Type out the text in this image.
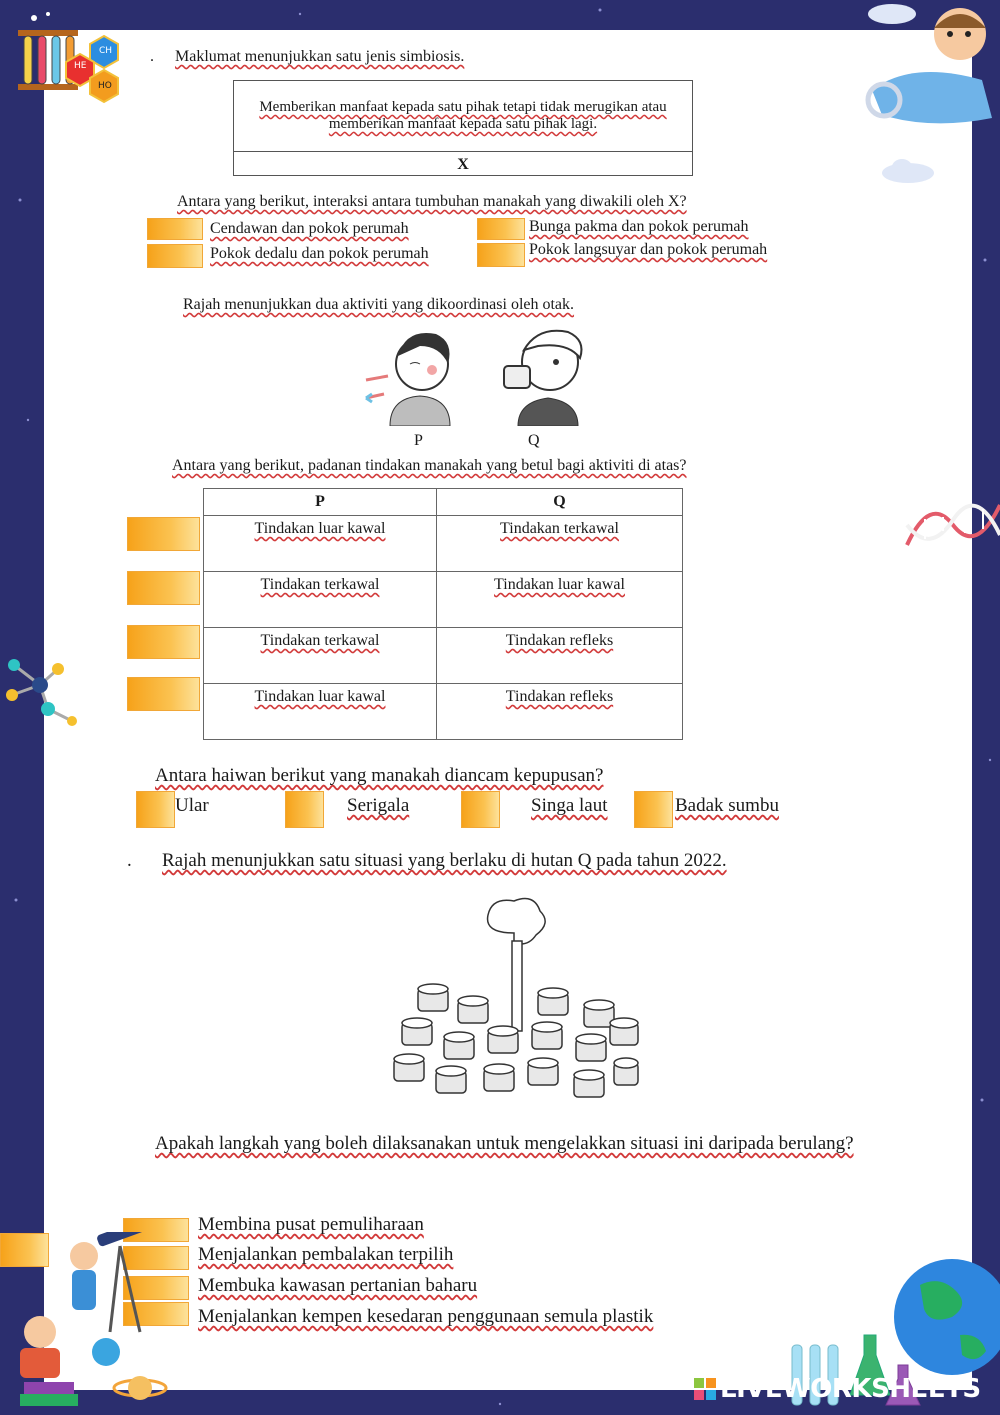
CH
HE
HO
. Maklumat menunjukkan satu jenis simbiosis.
Memberikan manfaat kepada satu pihak tetapi tidak merugikan atau memberikan manfaat kepada satu pihak lagi.
X
Antara yang berikut, interaksi antara tumbuhan manakah yang diwakili oleh X?
Cendawan dan pokok perumah	Bunga pakma dan pokok perumah
Pokok dedalu dan pokok perumah	Pokok langsuyar dan pokok perumah
Rajah menunjukkan dua aktiviti yang dikoordinasi oleh otak.
P	Q
Antara yang berikut, padanan tindakan manakah yang betul bagi aktiviti di atas?
P	Q
Tindakan luar kawal	Tindakan terkawal
Tindakan terkawal	Tindakan luar kawal
Tindakan terkawal	Tindakan refleks
Tindakan luar kawal	Tindakan refleks
Antara haiwan berikut yang manakah diancam kepupusan?
Ular	Serigala	Singa laut	Badak sumbu
. Rajah menunjukkan satu situasi yang berlaku di hutan Q pada tahun 2022.
Apakah langkah yang boleh dilaksanakan untuk mengelakkan situasi ini daripada berulang?
Membina pusat pemuliharaan
Menjalankan pembalakan terpilih
Membuka kawasan pertanian baharu
Menjalankan kempen kesedaran penggunaan semula plastik
LIVEWORKSHEETS
